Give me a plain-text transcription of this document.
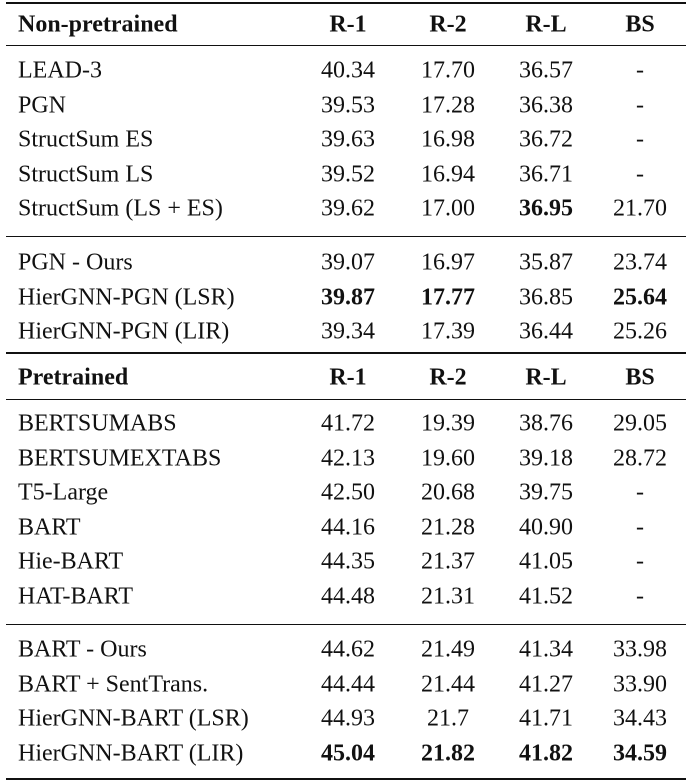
Non-pretrained	R-1	R-2	R-L	BS
LEAD-3	40.34	17.70	36.57	-
PGN	39.53	17.28	36.38	-
StructSum ES	39.63	16.98	36.72	-
StructSum LS	39.52	16.94	36.71	-
StructSum (LS + ES)	39.62	17.00	36.95	21.70
PGN - Ours	39.07	16.97	35.87	23.74
HierGNN-PGN (LSR)	39.87	17.77	36.85	25.64
HierGNN-PGN (LIR)	39.34	17.39	36.44	25.26
Pretrained	R-1	R-2	R-L	BS
BERTSUMABS	41.72	19.39	38.76	29.05
BERTSUMEXTABS	42.13	19.60	39.18	28.72
T5-Large	42.50	20.68	39.75	-
BART	44.16	21.28	40.90	-
Hie-BART	44.35	21.37	41.05	-
HAT-BART	44.48	21.31	41.52	-
BART - Ours	44.62	21.49	41.34	33.98
BART + SentTrans.	44.44	21.44	41.27	33.90
HierGNN-BART (LSR)	44.93	21.7	41.71	34.43
HierGNN-BART (LIR)	45.04	21.82	41.82	34.59
